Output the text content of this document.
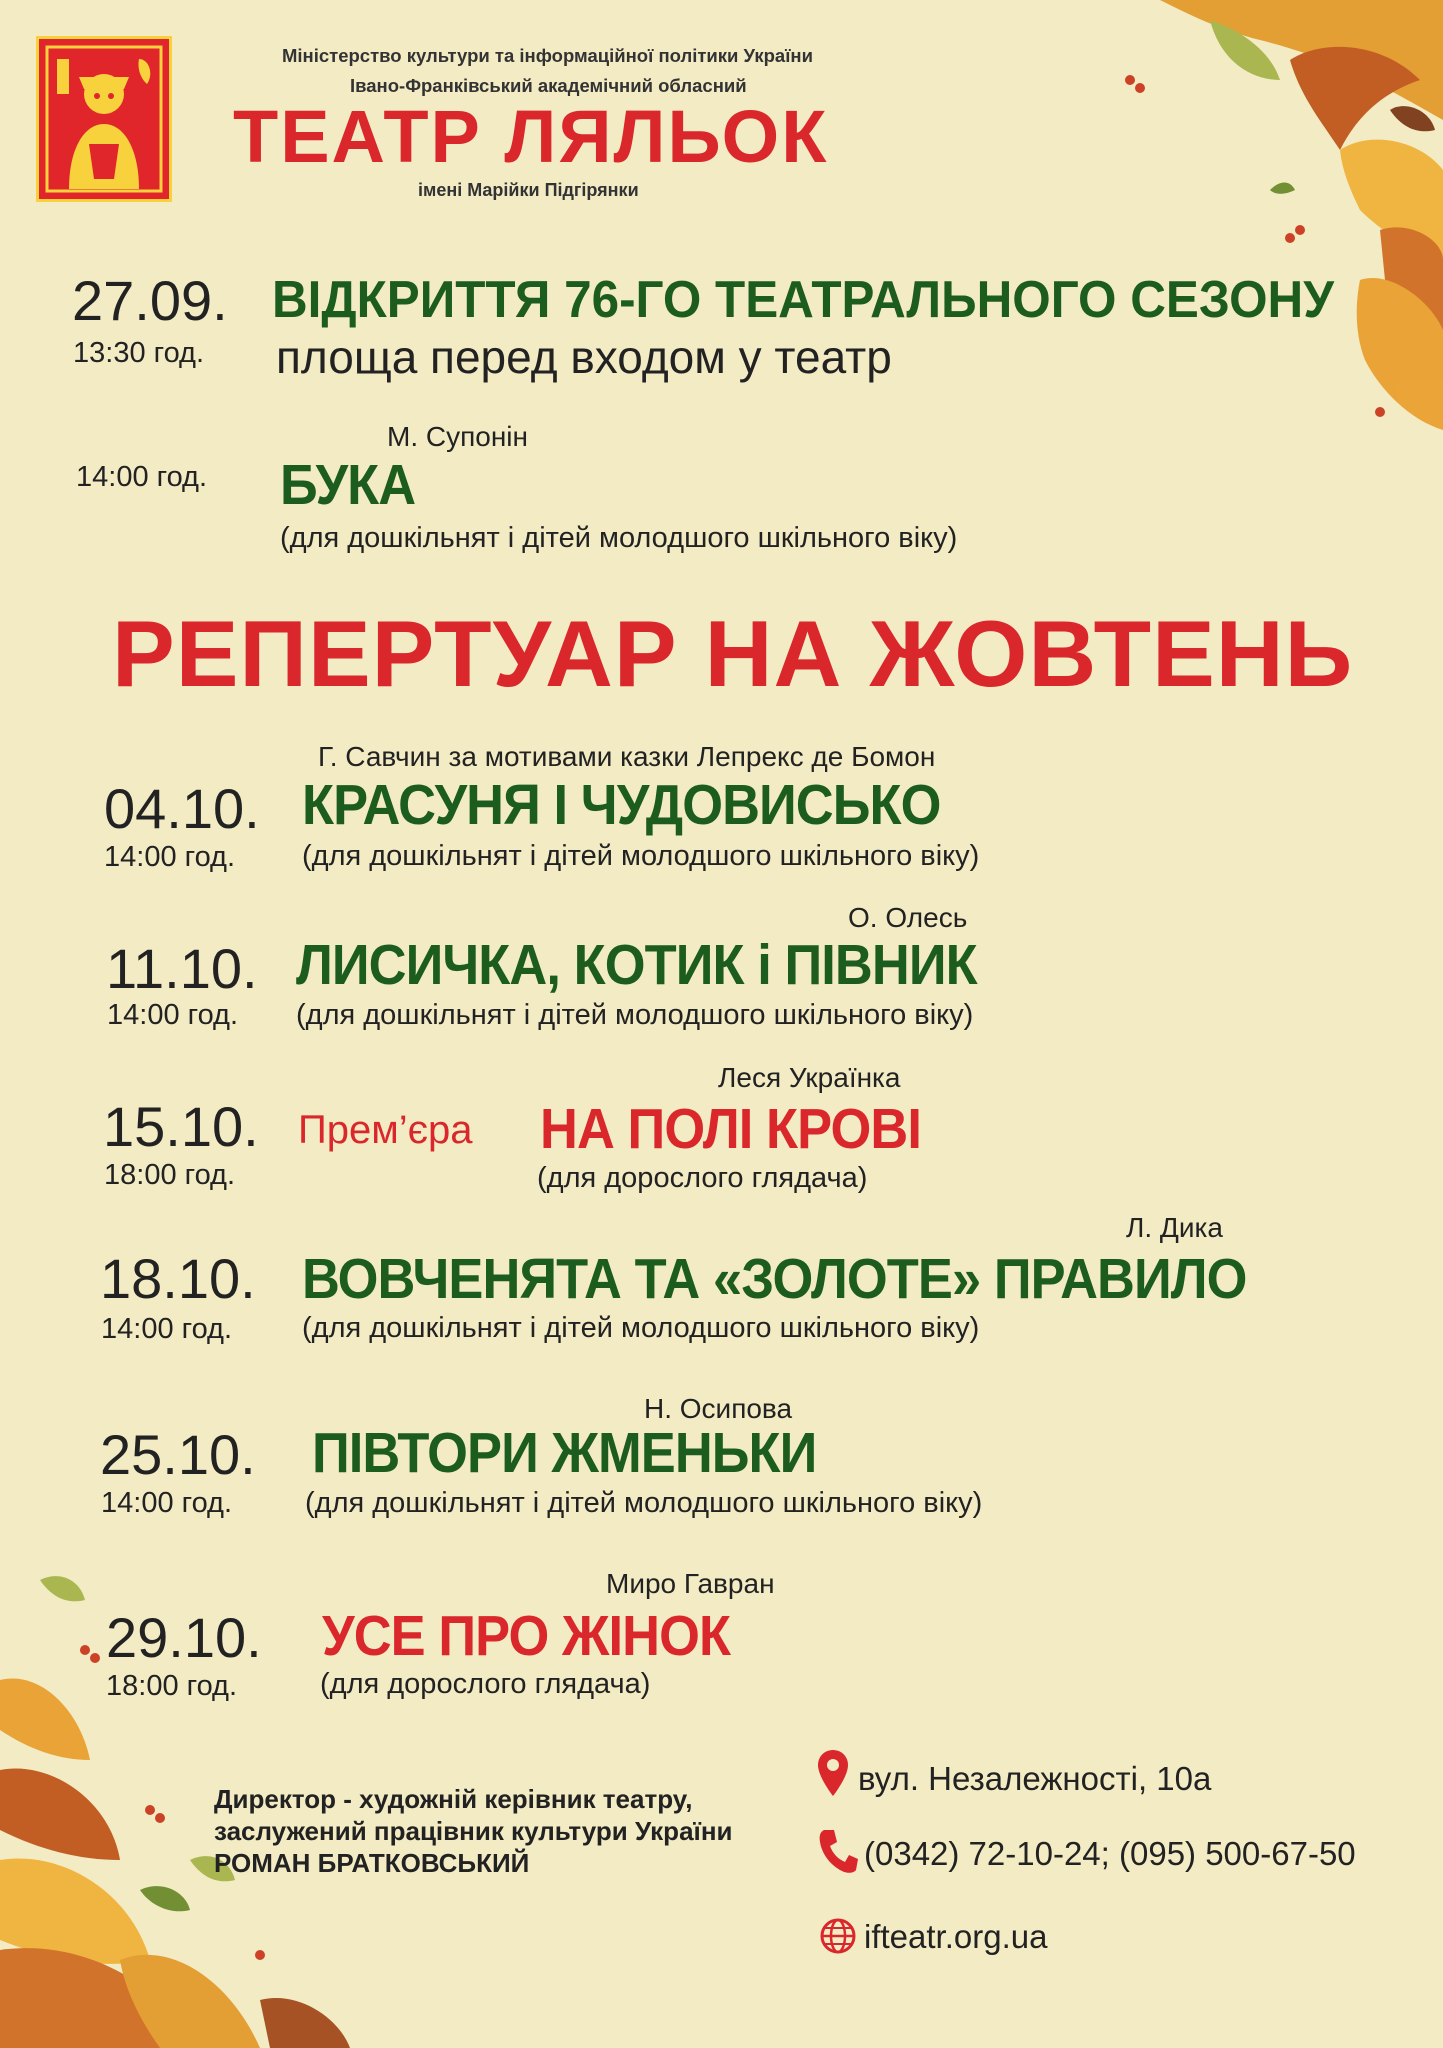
Міністерство культури та інформаційної політики України
Івано-Франківський академічний обласний
ТЕАТР ЛЯЛЬОК
імені Марійки Підгірянки
27.09.
13:30 год.
ВІДКРИТТЯ 76-ГО ТЕАТРАЛЬНОГО СЕЗОНУ
площа перед входом у театр
М. Супонін
14:00 год. БУКА
(для дошкільнят і дітей молодшого шкільного віку)
РЕПЕРТУАР НА ЖОВТЕНЬ
Г. Савчин за мотивами казки Лепрекс де Бомон
04.10. КРАСУНЯ І ЧУДОВИСЬКО
14:00 год. (для дошкільнят і дітей молодшого шкільного віку)
О. Олесь
11.10. ЛИСИЧКА, КОТИК і ПІВНИК
14:00 год. (для дошкільнят і дітей молодшого шкільного віку)
Леся Українка
15.10. Прем’єра НА ПОЛІ КРОВІ
18:00 год.	(для дорослого глядача)
Л. Дика
18.10. ВОВЧЕНЯТА ТА «ЗОЛОТЕ» ПРАВИЛО
14:00 год. (для дошкільнят і дітей молодшого шкільного віку)
Н. Осипова
25.10. ПІВТОРИ ЖМЕНЬКИ
14:00 год.	(для дошкільнят і дітей молодшого шкільного віку)
Миро Гавран
29.10. УСЕ ПРО ЖІНОК
18:00 год.	(для дорослого глядача)
Директор - художній керівник театру,
заслужений працівник культури України
РОМАН БРАТКОВСЬКИЙ
вул. Незалежності, 10а
(0342) 72-10-24; (095) 500-67-50
ifteatr.org.ua
